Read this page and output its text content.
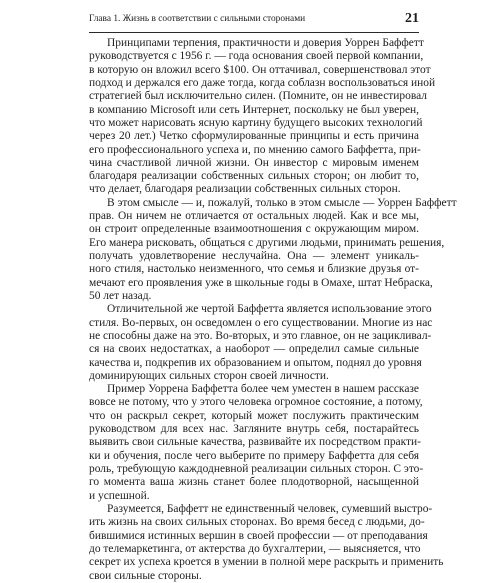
Глава 1. Жизнь в соответствии с сильными сторонами	21

Принципами терпения, практичности и доверия Уоррен Баффетт
руководствуется с 1956 г. — года основания своей первой компании,
в которую он вложил всего $100. Он оттачивал, совершенствовал этот
подход и держался его даже тогда, когда соблазн воспользоваться иной
стратегией был исключительно силен. (Помните, он не инвестировал
в компанию Microsoft или сеть Интернет, поскольку не был уверен,
что может нарисовать ясную картину будущего высоких технологий
через 20 лет.) Четко сформулированные принципы и есть причина
его профессионального успеха и, по мнению самого Баффетта, при-
чина счастливой личной жизни. Он инвестор с мировым именем
благодаря реализации собственных сильных сторон; он любит то,
что делает, благодаря реализации собственных сильных сторон.

В этом смысле — и, пожалуй, только в этом смысле — Уоррен Баффетт
прав. Он ничем не отличается от остальных людей. Как и все мы,
он строит определенные взаимоотношения с окружающим миром.
Его манера рисковать, общаться с другими людьми, принимать решения,
получать удовлетворение неслучайна. Она — элемент уникаль-
ного стиля, настолько неизменного, что семья и близкие друзья от-
мечают его проявления уже в школьные годы в Омахе, штат Небраска,
50 лет назад.

Отличительной же чертой Баффетта является использование этого
стиля. Во-первых, он осведомлен о его существовании. Многие из нас
не способны даже на это. Во-вторых, и это главное, он не зацикливал-
ся на своих недостатках, а наоборот — определил самые сильные
качества и, подкрепив их образованием и опытом, поднял до уровня
доминирующих сильных сторон своей личности.

Пример Уоррена Баффетта более чем уместен в нашем рассказе
вовсе не потому, что у этого человека огромное состояние, а потому,
что он раскрыл секрет, который может послужить практическим
руководством для всех нас. Загляните внутрь себя, постарайтесь
выявить свои сильные качества, развивайте их посредством практи-
ки и обучения, после чего выберите по примеру Баффетта для себя
роль, требующую каждодневной реализации сильных сторон. С это-
го момента ваша жизнь станет более плодотворной, насыщенной
и успешной.

Разумеется, Баффетт не единственный человек, сумевший выстро-
ить жизнь на своих сильных сторонах. Во время бесед с людьми, до-
бившимися истинных вершин в своей профессии — от преподавания
до телемаркетинга, от актерства до бухгалтерии, — выясняется, что
секрет их успеха кроется в умении в полной мере раскрыть и применить
свои сильные стороны.
